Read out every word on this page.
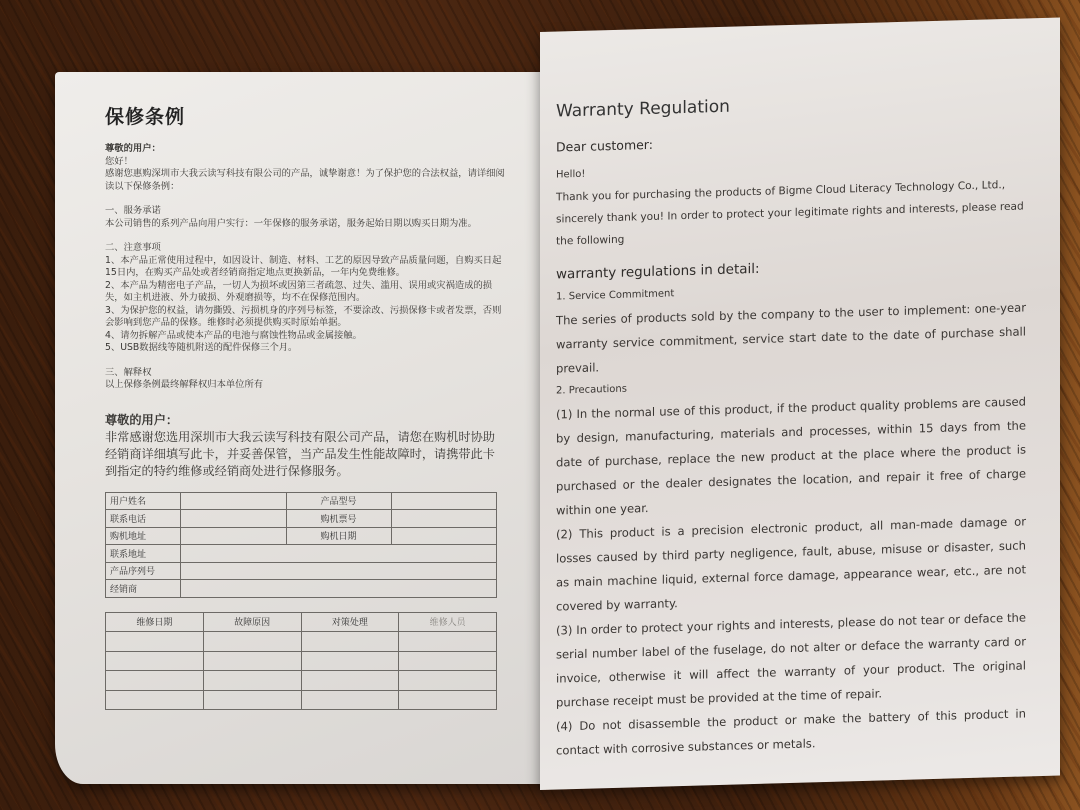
保修条例

尊敬的用户：

您好！

感谢您惠购深圳市大我云读写科技有限公司的产品，诚挚谢意！为了保护您的合法权益，请详细阅读以下保修条例：

一、服务承诺

本公司销售的系列产品向用户实行：一年保修的服务承诺，服务起始日期以购买日期为准。

二、注意事项

1、本产品正常使用过程中，如因设计、制造、材料、工艺的原因导致产品质量问题，自购买日起15日内，在购买产品处或者经销商指定地点更换新品，一年内免费维修。

2、本产品为精密电子产品，一切人为损坏或因第三者疏忽、过失、滥用、误用或灾祸造成的损失，如主机进液、外力破损、外观磨损等，均不在保修范围内。

3、为保护您的权益，请勿撕毁、污损机身的序列号标签，不要涂改、污损保修卡或者发票，否则会影响到您产品的保修。维修时必须提供购买时原始单据。

4、请勿拆解产品或使本产品的电池与腐蚀性物品或金属接触。

5、USB数据线等随机附送的配件保修三个月。

三、解释权

以上保修条例最终解释权归本单位所有

尊敬的用户：

非常感谢您选用深圳市大我云读写科技有限公司产品，请您在购机时协助经销商详细填写此卡，并妥善保管，当产品发生性能故障时，请携带此卡到指定的特约维修或经销商处进行保修服务。

用户姓名		产品型号	
联系电话		购机票号	
购机地址		购机日期	
联系地址			
产品序列号			
经销商			
维修日期	故障原因	对策处理	维修人员

Warranty Regulation

Dear customer:

Hello!

Thank you for purchasing the products of Bigme Cloud Literacy Technology Co., Ltd., sincerely thank you! In order to protect your legitimate rights and interests, please read the following

warranty regulations in detail:

1. Service Commitment

The series of products sold by the company to the user to implement: one-year warranty service commitment, service start date to the date of purchase shall prevail.

2. Precautions

(1) In the normal use of this product, if the product quality problems are caused by design, manufacturing, materials and processes, within 15 days from the date of purchase, replace the new product at the place where the product is purchased or the dealer designates the location, and repair it free of charge within one year.

(2) This product is a precision electronic product, all man-made damage or losses caused by third party negligence, fault, abuse, misuse or disaster, such as main machine liquid, external force damage, appearance wear, etc., are not covered by warranty.

(3) In order to protect your rights and interests, please do not tear or deface the serial number label of the fuselage, do not alter or deface the warranty card or invoice, otherwise it will affect the warranty of your product. The original purchase receipt must be provided at the time of repair.

(4) Do not disassemble the product or make the battery of this product in contact with corrosive substances or metals.
